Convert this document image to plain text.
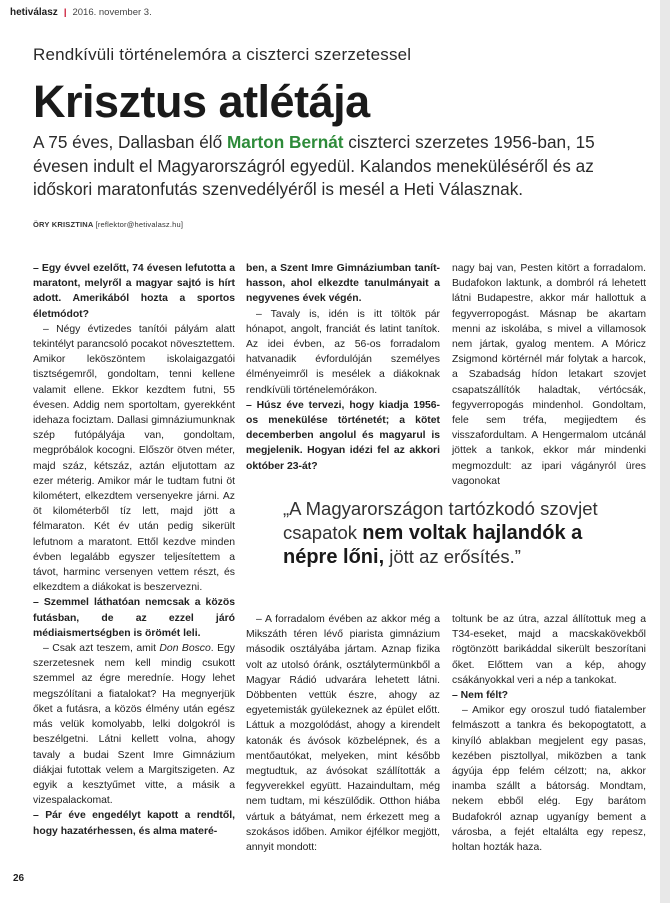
hetiválasz | 2016. november 3.
Rendkívüli történelemóra a ciszterci szerzetessel
Krisztus atlétája
A 75 éves, Dallasban élő Marton Bernát ciszterci szerzetes 1956-ban, 15 évesen indult el Magyarországról egyedül. Kalandos meneküléséről és az időskori maratonfutás szenvedélyéről is mesél a Heti Válasznak.
ÖRY KRISZTINA [reflektor@hetivalasz.hu]

– Egy évvel ezelőtt, 74 évesen lefutotta a maratont, melyről a magyar sajtó is hírt adott. Amerikából hozta a sportos életmódot?

– Négy évtizedes tanítói pályám alatt tekintélyt parancsoló pocakot növesztettem. Amikor leköszöntem iskolaigazgatói tisztségemről, gondoltam, tenni kellene valamit ellene. Ekkor kezdtem futni, 55 évesen. Addig nem sportoltam, gyerekként idehaza fociztam. Dallasi gimnáziumunknak szép futópályája van, gondoltam, megpróbálok kocogni. Először ötven méter, majd száz, kétszáz, aztán eljutottam az ezer méterig. Amikor már le tudtam futni öt kilométert, elkezdtem versenyekre járni. Az öt kilométerből tíz lett, majd jött a félmaraton. Két év után pedig sikerült lefutnom a maratont. Ettől kezdve minden évben legalább egyszer teljesítettem a távot, harminc versenyen vettem részt, és elkezdtem a diákokat is beszervezni.

– Szemmel láthatóan nemcsak a közös futásban, de az ezzel járó médiaismertségben is örömét leli.

– Csak azt teszem, amit Don Bosco. Egy szerzetesnek nem kell mindig csukott szemmel az égre meredníe. Hogy lehet megszólítani a fiatalokat? Ha megnyerjük őket a futásra, a közös élmény után egész más velük komolyabb, lelki dolgokról is beszélgetni. Látni kellett volna, ahogy tavaly a budai Szent Imre Gimnázium diákjai futottak velem a Margitszigeten. Az egyik a kesztyűmet vitte, a másik a vizespalackomat.

– Pár éve engedélyt kapott a rendtől, hogy hazatérhessen, és alma materé-

ben, a Szent Imre Gimnáziumban tanít-hasson, ahol elkezdte tanulmányait a negyvenes évek végén.

– Tavaly is, idén is itt töltök pár hónapot, angolt, franciát és latint tanítok. Az idei évben, az 56-os forradalom hatvanadik évfordulóján személyes élményeimről is mesélek a diákoknak rendkívüli történelemórákon.

– Húsz éve tervezi, hogy kiadja 1956-os menekülése történetét; a kötet decemberben angolul és magyarul is megjelenik. Hogyan idézi fel az akkori október 23-át?

nagy baj van, Pesten kitört a forradalom. Budafokon laktunk, a dombról rá lehetett látni Budapestre, akkor már hallottuk a fegyverropogást. Másnap be akartam menni az iskolába, s mivel a villamosok nem jártak, gyalog mentem. A Móricz Zsigmond körtérnél már folytak a harcok, a Szabadság hídon letakart szovjet csapatszállítók haladtak, vértócsák, fegyverropogás mindenhol. Gondoltam, fele sem tréfa, megijedtem és visszafordultam. A Hengermalom utcánál jöttek a tankok, ekkor már mindenki megmozdult: az ipari vágányról üres vagonokat

„A Magyarországon tartózkodó szovjet csapatok nem voltak hajlandók a népre lőni, jött az erősítés.”

– A forradalom évében az akkor még a Mikszáth téren lévő piarista gimnázium második osztályába jártam. Aznap fizika volt az utolsó óránk, osztálytermünkből a Magyar Rádió udvarára lehetett látni. Döbbenten vettük észre, ahogy az egyetemisták gyülekeznek az épület előtt. Láttuk a mozgolódást, ahogy a kirendelt katonák és ávósok közbelépnek, és a mentőautókat, melyeken, mint később megtudtuk, az ávósokat szállították a fegyverekkel együtt. Hazaindultam, még nem tudtam, mi készülődik. Otthon hiába vártuk a bátyámat, nem érkezett meg a szokásos időben. Amikor éjfélkor megjött, annyit mondott:

toltunk be az útra, azzal állítottuk meg a T34-eseket, majd a macskakövekből rögtönzött barikáddal sikerült beszorítani őket. Előttem van a kép, ahogy csákányokkal veri a nép a tankokat.

– Nem félt?

– Amikor egy oroszul tudó fiatalember felmászott a tankra és bekopogtatott, a kinyíló ablakban megjelent egy pasas, kezében pisztollyal, miközben a tank ágyúja épp felém célzott; na, akkor inamba szállt a bátorság. Mondtam, nekem ebből elég. Egy barátom Budafokról aznap ugyanígy bement a városba, a fejét eltalálta egy repesz, holtan hozták haza.

26
